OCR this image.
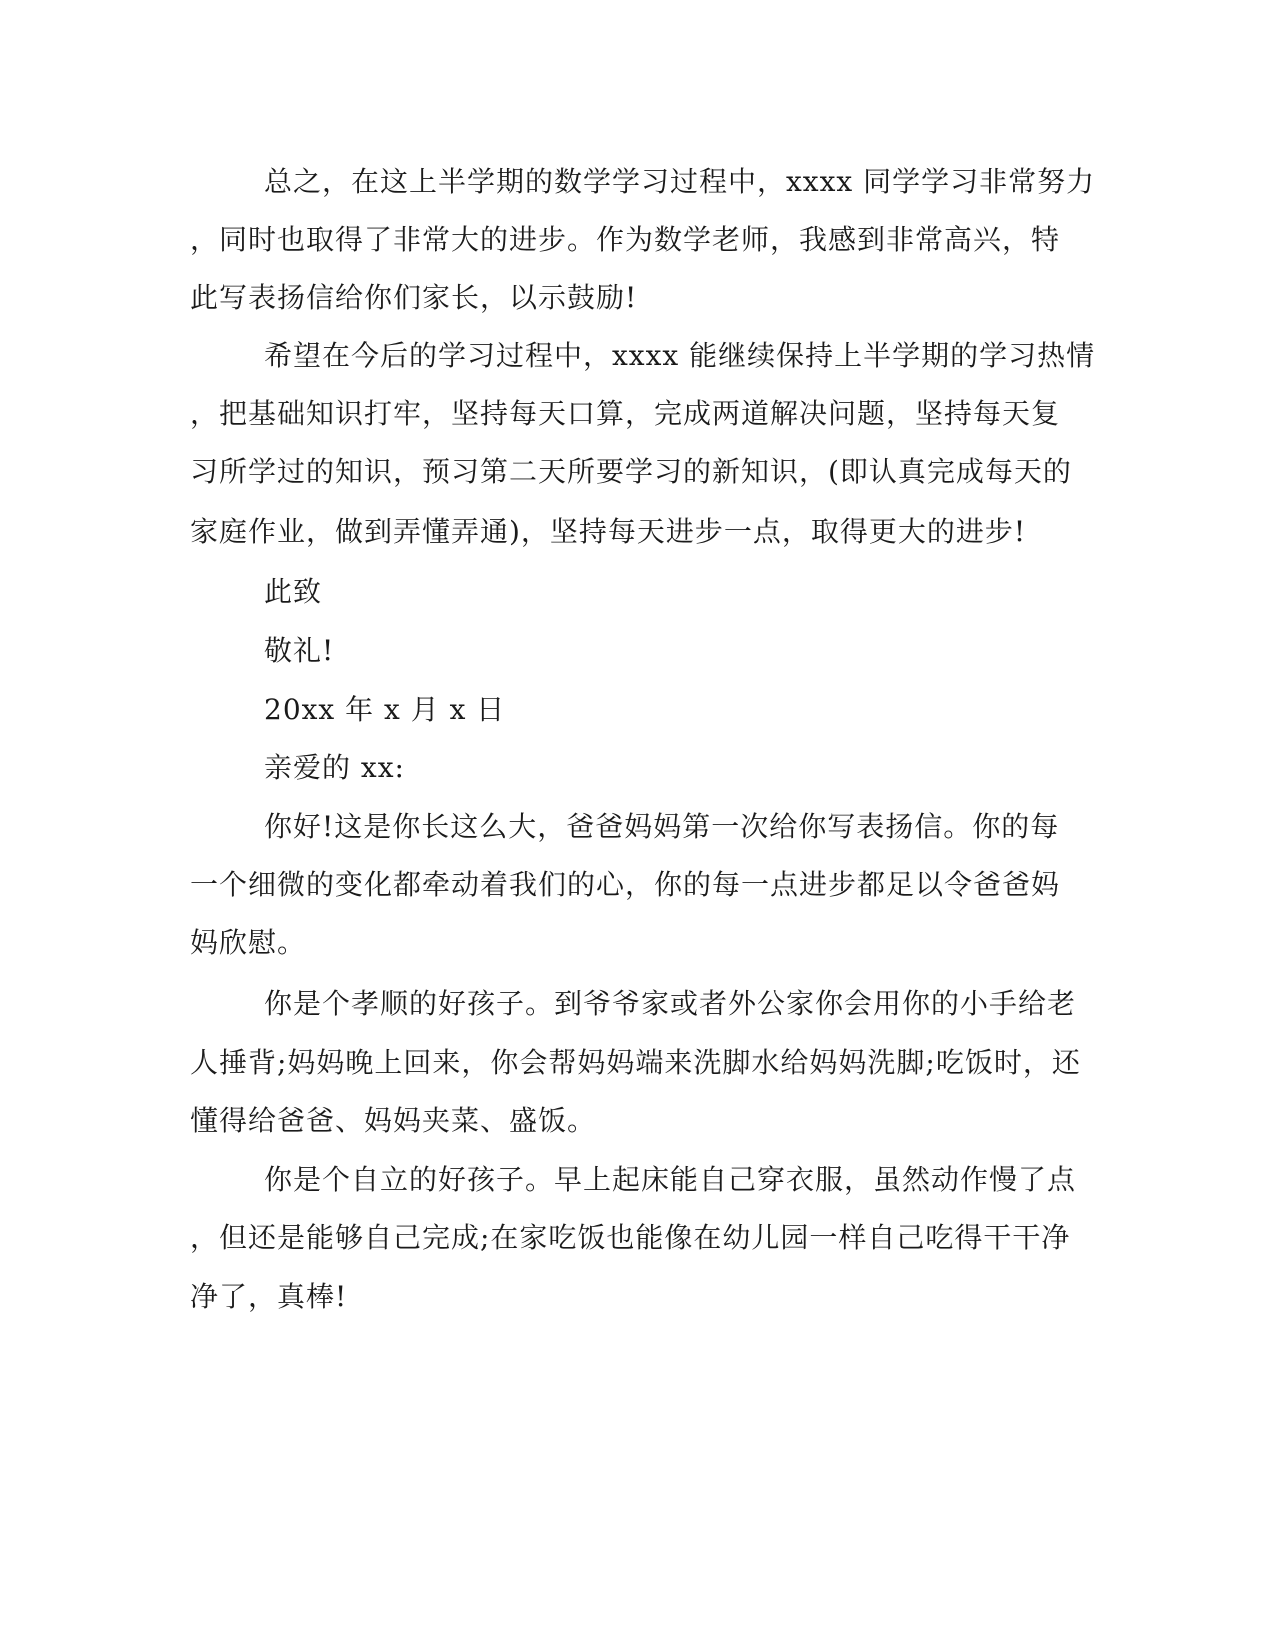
总之，在这上半学期的数学学习过程中，xxxx 同学学习非常努力
，同时也取得了非常大的进步。作为数学老师，我感到非常高兴，特
此写表扬信给你们家长，以示鼓励!
希望在今后的学习过程中，xxxx 能继续保持上半学期的学习热情
，把基础知识打牢，坚持每天口算，完成两道解决问题，坚持每天复
习所学过的知识，预习第二天所要学习的新知识，(即认真完成每天的
家庭作业，做到弄懂弄通)，坚持每天进步一点，取得更大的进步!
此致
敬礼!
20xx 年 x 月 x 日
亲爱的 xx:
你好!这是你长这么大，爸爸妈妈第一次给你写表扬信。你的每
一个细微的变化都牵动着我们的心，你的每一点进步都足以令爸爸妈
妈欣慰。
你是个孝顺的好孩子。到爷爷家或者外公家你会用你的小手给老
人捶背;妈妈晚上回来，你会帮妈妈端来洗脚水给妈妈洗脚;吃饭时，还
懂得给爸爸、妈妈夹菜、盛饭。
你是个自立的好孩子。早上起床能自己穿衣服，虽然动作慢了点
，但还是能够自己完成;在家吃饭也能像在幼儿园一样自己吃得干干净
净了，真棒!
